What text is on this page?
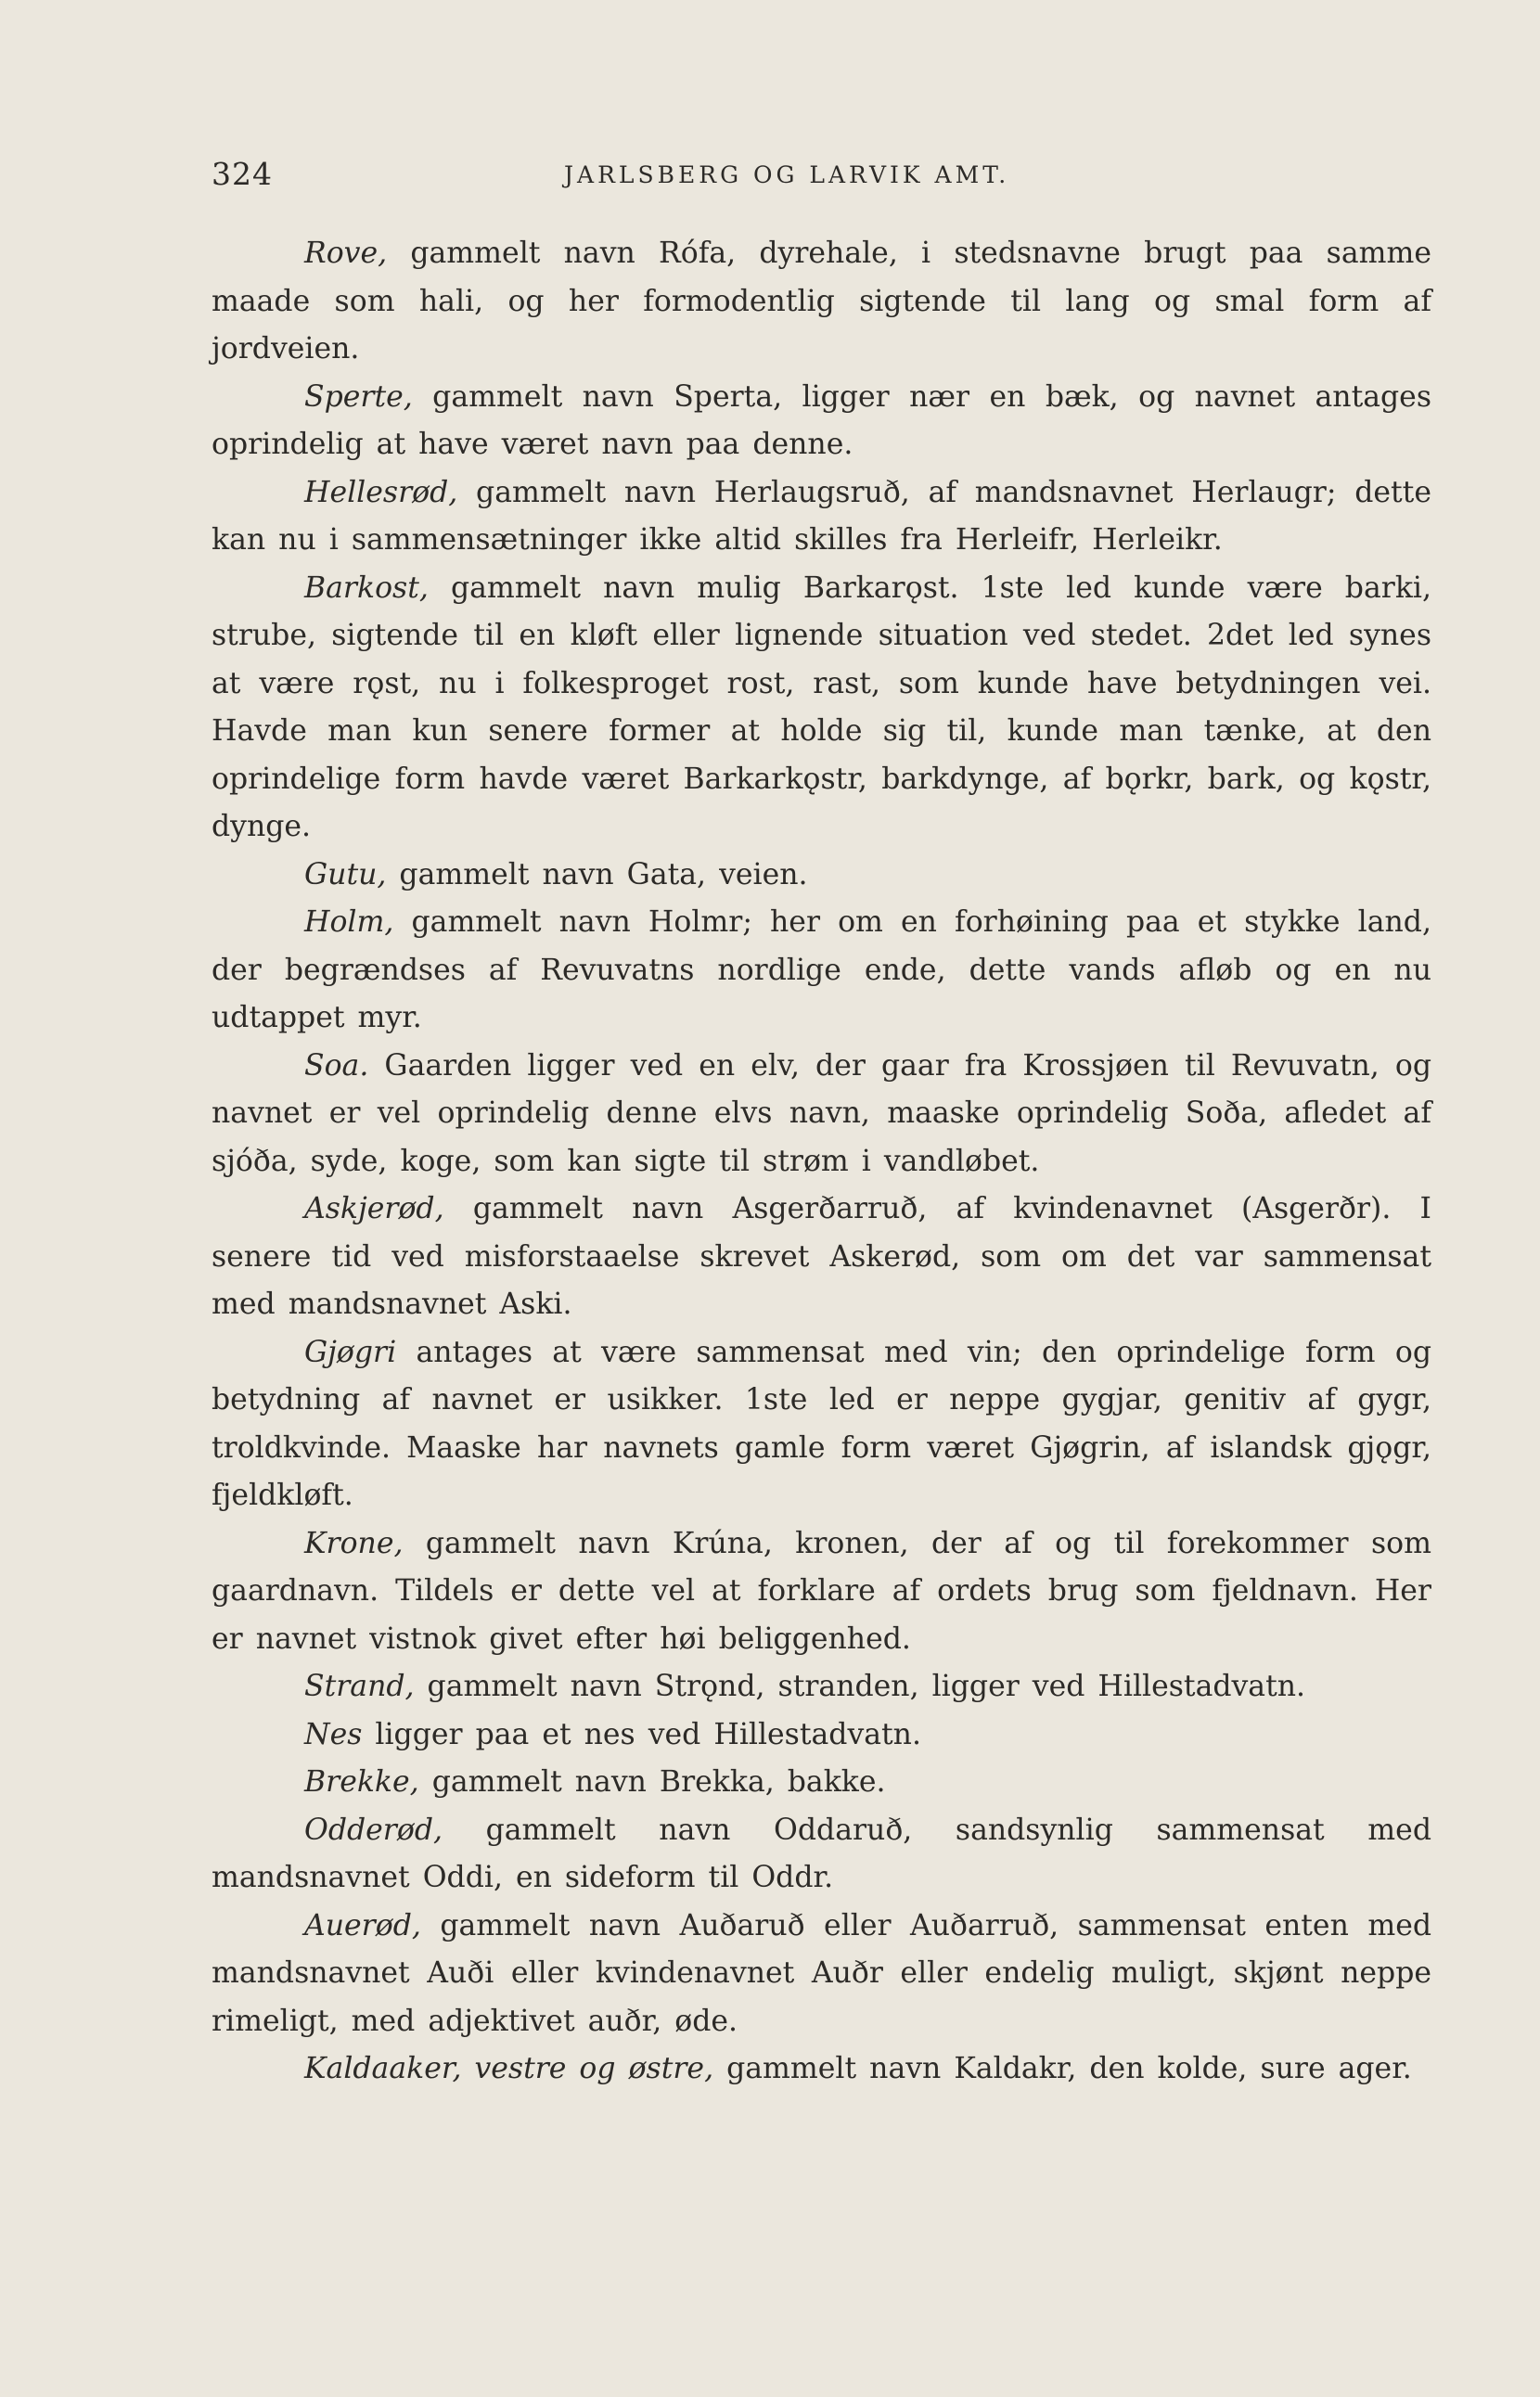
324	JARLSBERG OG LARVIK AMT.

Rove, gammelt navn Rófa, dyrehale, i stedsnavne brugt paa samme maade som hali, og her formodentlig sigtende til lang og smal form af jordveien.

Sperte, gammelt navn Sperta, ligger nær en bæk, og navnet antages oprindelig at have været navn paa denne.

Hellesrød, gammelt navn Herlaugsruð, af mandsnavnet Herlaugr; dette kan nu i sammensætninger ikke altid skilles fra Herleifr, Herleikr.

Barkost, gammelt navn mulig Barkarǫst. 1ste led kunde være barki, strube, sigtende til en kløft eller lignende situation ved stedet. 2det led synes at være rǫst, nu i folkesproget rost, rast, som kunde have betydningen vei. Havde man kun senere former at holde sig til, kunde man tænke, at den oprindelige form havde været Barkarkǫstr, barkdynge, af bǫrkr, bark, og kǫstr, dynge.

Gutu, gammelt navn Gata, veien.

Holm, gammelt navn Holmr; her om en forhøining paa et stykke land, der begrændses af Revuvatns nordlige ende, dette vands afløb og en nu udtappet myr.

Soa. Gaarden ligger ved en elv, der gaar fra Krossjøen til Revuvatn, og navnet er vel oprindelig denne elvs navn, maaske oprindelig Soða, afledet af sjóða, syde, koge, som kan sigte til strøm i vandløbet.

Askjerød, gammelt navn Asgerðarruð, af kvindenavnet (Asgerðr). I senere tid ved misforstaaelse skrevet Askerød, som om det var sammensat med mandsnavnet Aski.

Gjøgri antages at være sammensat med vin; den oprindelige form og betydning af navnet er usikker. 1ste led er neppe gygjar, genitiv af gygr, troldkvinde. Maaske har navnets gamle form været Gjøgrin, af islandsk gjǫgr, fjeldkløft.

Krone, gammelt navn Krúna, kronen, der af og til forekommer som gaardnavn. Tildels er dette vel at forklare af ordets brug som fjeldnavn. Her er navnet vistnok givet efter høi beliggenhed.

Strand, gammelt navn Strǫnd, stranden, ligger ved Hillestadvatn.

Nes ligger paa et nes ved Hillestadvatn.

Brekke, gammelt navn Brekka, bakke.

Odderød, gammelt navn Oddaruð, sandsynlig sammensat med mandsnavnet Oddi, en sideform til Oddr.

Auerød, gammelt navn Auðaruð eller Auðarruð, sammensat enten med mandsnavnet Auði eller kvindenavnet Auðr eller endelig muligt, skjønt neppe rimeligt, med adjektivet auðr, øde.

Kaldaaker, vestre og østre, gammelt navn Kaldakr, den kolde, sure ager.
